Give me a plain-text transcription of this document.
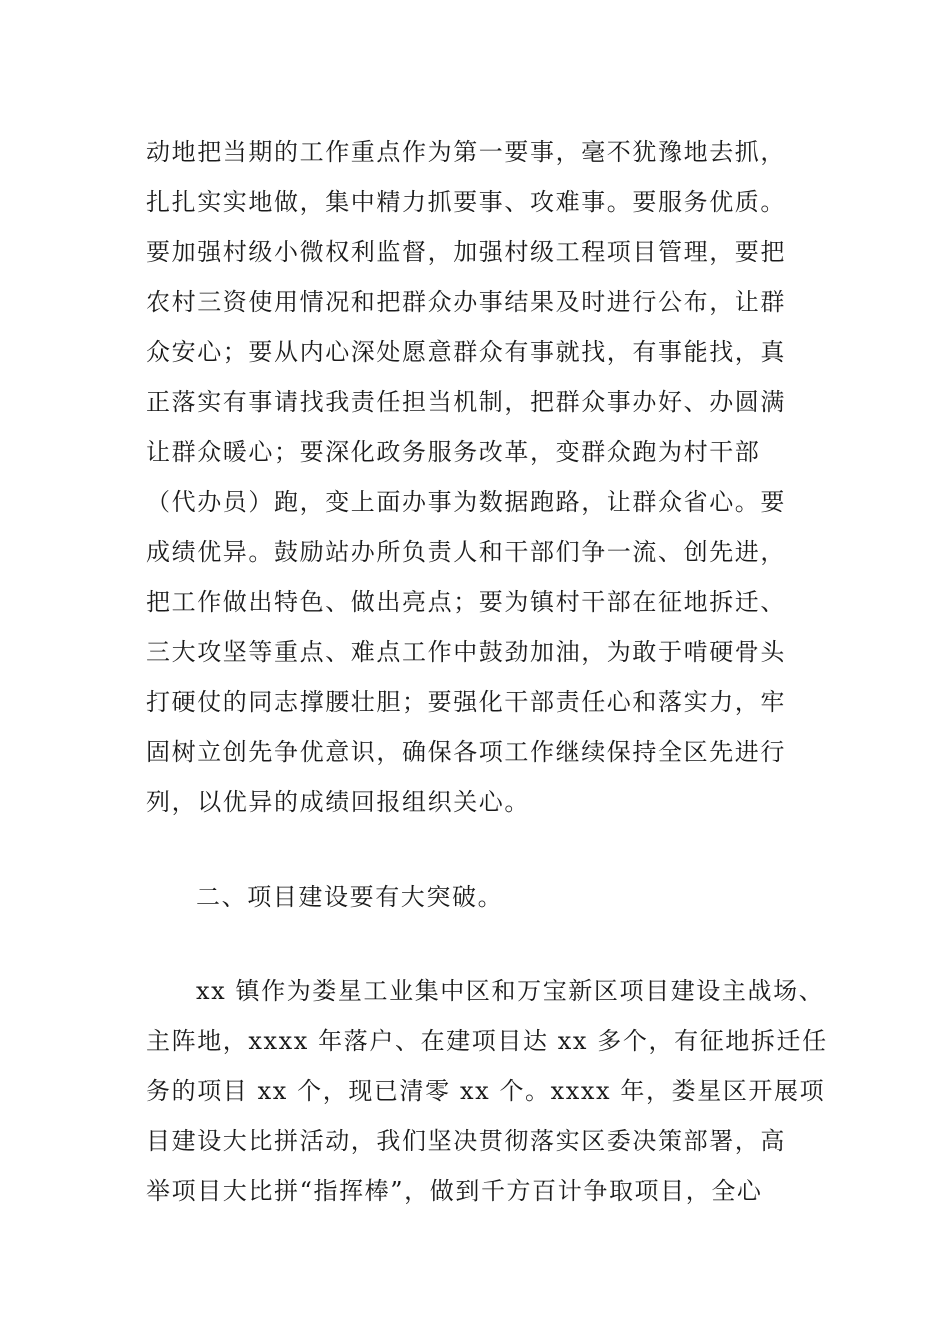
动地把当期的工作重点作为第一要事，毫不犹豫地去抓，
扎扎实实地做，集中精力抓要事、攻难事。要服务优质。
要加强村级小微权利监督，加强村级工程项目管理，要把
农村三资使用情况和把群众办事结果及时进行公布，让群
众安心；要从内心深处愿意群众有事就找，有事能找，真
正落实有事请找我责任担当机制，把群众事办好、办圆满
让群众暖心；要深化政务服务改革，变群众跑为村干部
（代办员）跑，变上面办事为数据跑路，让群众省心。要
成绩优异。鼓励站办所负责人和干部们争一流、创先进，
把工作做出特色、做出亮点；要为镇村干部在征地拆迁、
三大攻坚等重点、难点工作中鼓劲加油，为敢于啃硬骨头
打硬仗的同志撑腰壮胆；要强化干部责任心和落实力，牢
固树立创先争优意识，确保各项工作继续保持全区先进行
列，以优异的成绩回报组织关心。
二、项目建设要有大突破。
xx 镇作为娄星工业集中区和万宝新区项目建设主战场、
主阵地，xxxx 年落户、在建项目达 xx 多个，有征地拆迁任
务的项目 xx 个，现已清零 xx 个。xxxx 年，娄星区开展项
目建设大比拼活动，我们坚决贯彻落实区委决策部署，高
举项目大比拼“指挥棒”，做到千方百计争取项目，全心
